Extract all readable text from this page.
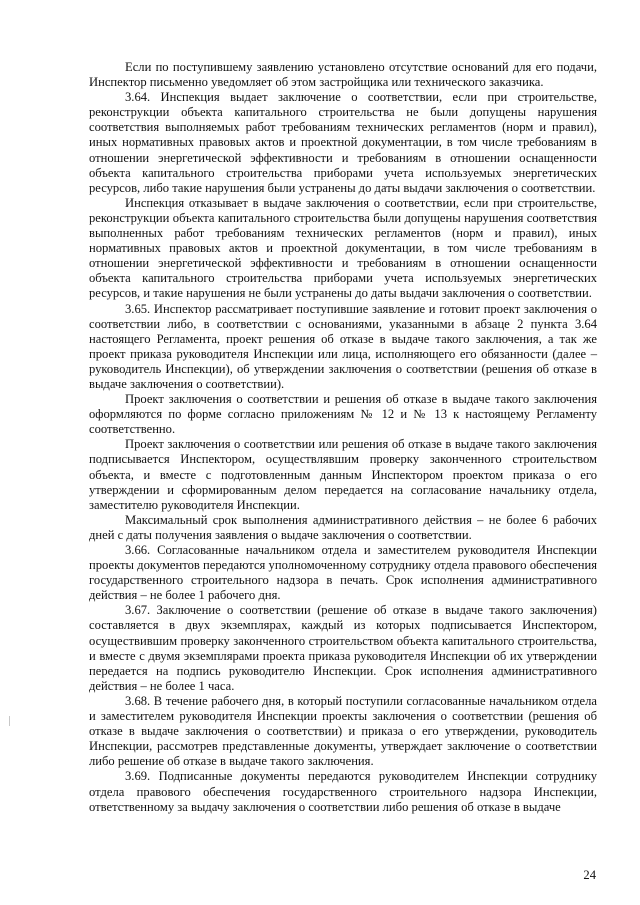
Если по поступившему заявлению установлено отсутствие оснований для его подачи, Инспектор письменно уведомляет об этом застройщика или технического заказчика.

3.64. Инспекция выдает заключение о соответствии, если при строительстве, реконструкции объекта капитального строительства не были допущены нарушения соответствия выполняемых работ требованиям технических регламентов (норм и правил), иных нормативных правовых актов и проектной документации, в том числе требованиям в отношении энергетической эффективности и требованиям в отношении оснащенности объекта капитального строительства приборами учета используемых энергетических ресурсов, либо такие нарушения были устранены до даты выдачи заключения о соответствии.

Инспекция отказывает в выдаче заключения о соответствии, если при строительстве, реконструкции объекта капитального строительства были допущены нарушения соответствия выполненных работ требованиям технических регламентов (норм и правил), иных нормативных правовых актов и проектной документации, в том числе требованиям в отношении энергетической эффективности и требованиям в отношении оснащенности объекта капитального строительства приборами учета используемых энергетических ресурсов, и такие нарушения не были устранены до даты выдачи заключения о соответствии.

3.65. Инспектор рассматривает поступившие заявление и готовит проект заключения о соответствии либо, в соответствии с основаниями, указанными в абзаце 2 пункта 3.64 настоящего Регламента, проект решения об отказе в выдаче такого заключения, а так же проект приказа руководителя Инспекции или лица, исполняющего его обязанности (далее – руководитель Инспекции), об утверждении заключения о соответствии (решения об отказе в выдаче заключения о соответствии).

Проект заключения о соответствии и решения об отказе в выдаче такого заключения оформляются по форме согласно приложениям № 12 и № 13 к настоящему Регламенту соответственно.

Проект заключения о соответствии или решения об отказе в выдаче такого заключения подписывается Инспектором, осуществлявшим проверку законченного строительством объекта, и вместе с подготовленным данным Инспектором проектом приказа о его утверждении и сформированным делом передается на согласование начальнику отдела, заместителю руководителя Инспекции.

Максимальный срок выполнения административного действия – не более 6 рабочих дней с даты получения заявления о выдаче заключения о соответствии.

3.66. Согласованные начальником отдела и заместителем руководителя Инспекции проекты документов передаются уполномоченному сотруднику отдела правового обеспечения государственного строительного надзора в печать. Срок исполнения административного действия – не более 1 рабочего дня.

3.67. Заключение о соответствии (решение об отказе в выдаче такого заключения) составляется в двух экземплярах, каждый из которых подписывается Инспектором, осуществившим проверку законченного строительством объекта капитального строительства, и вместе с двумя экземплярами проекта приказа руководителя Инспекции об их утверждении передается на подпись руководителю Инспекции. Срок исполнения административного действия – не более 1 часа.

3.68. В течение рабочего дня, в который поступили согласованные начальником отдела и заместителем руководителя Инспекции проекты заключения о соответствии (решения об отказе в выдаче заключения о соответствии) и приказа о его утверждении, руководитель Инспекции, рассмотрев представленные документы, утверждает заключение о соответствии либо решение об отказе в выдаче такого заключения.

3.69. Подписанные документы передаются руководителем Инспекции сотруднику отдела правового обеспечения государственного строительного надзора Инспекции, ответственному за выдачу заключения о соответствии либо решения об отказе в выдаче

24
